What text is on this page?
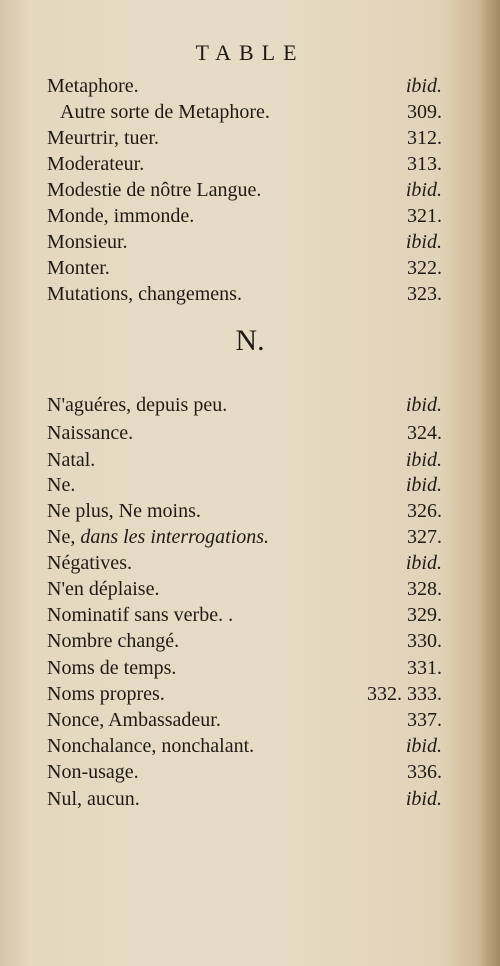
TABLE
Metaphore.	ibid.
Autre sorte de Metaphore.	309.
Meurtrir, tuer.	312.
Moderateur.	313.
Modestie de nôtre Langue.	ibid.
Monde, immonde.	321.
Monsieur.	ibid.
Monter.	322.
Mutations, changemens.	323.
N.
N'aguéres, depuis peu.	ibid.
Naissance.	324.
Natal.	ibid.
Ne.	ibid.
Ne plus, Ne moins.	326.
Ne, dans les interrogations.	327.
Négatives.	ibid.
N'en déplaise.	328.
Nominatif sans verbe. .	329.
Nombre changé.	330.
Noms de temps.	331.
Noms propres.	332. 333.
Nonce, Ambassadeur.	337.
Nonchalance, nonchalant.	ibid.
Non-usage.	336.
Nul, aucun.	ibid.
